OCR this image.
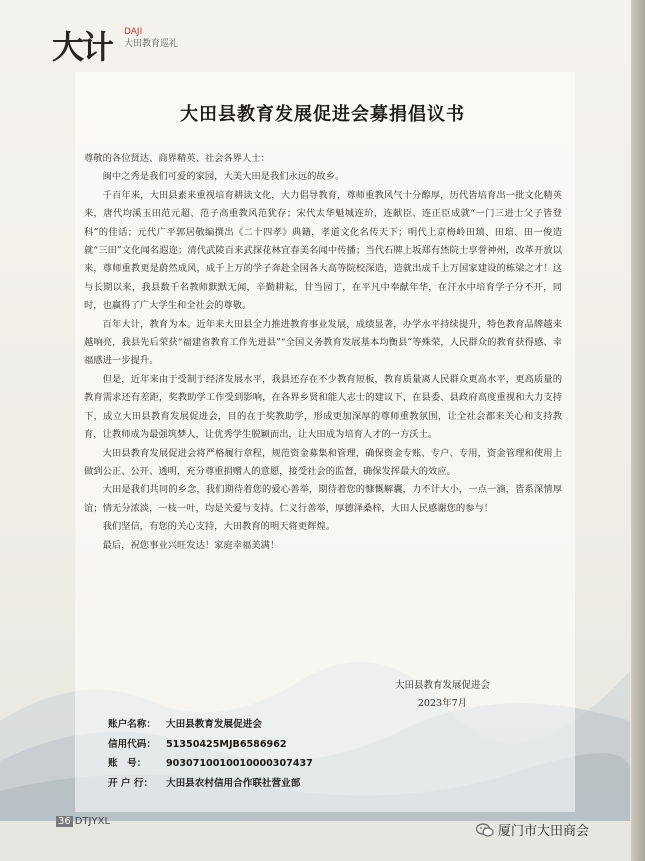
大计 DAJI
大田教育巡礼
大田县教育发展促进会募捐倡议书

尊敬的各位贤达、商界精英、社会各界人士：

闽中之秀是我们可爱的家园，大美大田是我们永远的故乡。

千百年来，大田县素来重视培育耕读文化，大力倡导教育，尊师重教风气十分醇厚，历代皆培育出一批文化精英来，唐代均溪玉田范元超、范子高重教风范犹存；宋代太华魁城连玠，连献臣、连正臣成就“一门三进士父子皆登科”的佳话；元代广平郭居敬编撰出《二十四孝》典籍，孝道文化名传天下；明代上京梅岭田瑱、田琯、田一俊造就“三田”文化闻名遐迩；清代武陵百来武探花林宜春美名闻中传播；当代石牌上坂郑有烋院士享誉神州，改革开放以来，尊师重教更是蔚然成风，成千上万的学子奔赴全国各大高等院校深造，造就出成千上万国家建设的栋梁之才！这与长期以来，我县数千名教师默默无闻，辛勤耕耘，甘当园丁，在平凡中奉献年华，在汗水中培育学子分不开，同时，也赢得了广大学生和全社会的尊敬。

百年大计，教育为本。近年来大田县全力推进教育事业发展，成绩显著，办学水平持续提升，特色教育品牌越来越响亮，我县先后荣获“福建省教育工作先进县”“全国义务教育发展基本均衡县”等殊荣，人民群众的教育获得感、幸福感进一步提升。

但是，近年来由于受制于经济发展水平，我县还存在不少教育短板，教育质量离人民群众更高水平，更高质量的教育需求还有差距，奖教助学工作受到影响，在各界乡贤和能人志士的建议下，在县委、县政府高度重视和大力支持下，成立大田县教育发展促进会，目的在于奖教助学，形成更加深厚的尊师重教氛围，让全社会都来关心和支持教育，让教师成为最强筑梦人，让优秀学生脱颖而出，让大田成为培育人才的一方沃土。

大田县教育发展促进会将严格履行章程，规范资金募集和管理，确保资金专账、专户、专用，资金管理和使用上做到公正、公开、透明，充分尊重捐赠人的意愿，接受社会的监督，确保发挥最大的效应。

大田是我们共同的乡念，我们期待着您的爱心善举，期待着您的慷慨解囊，力不计大小，一点一滴，皆系深情厚谊；情无分浓淡，一枝一叶，均是关爱与支持。仁义行善举，厚德泽桑梓，大田人民感谢您的参与！

我们坚信，有您的关心支持，大田教育的明天将更辉煌。

最后，祝您事业兴旺发达！家庭幸福美满！

大田县教育发展促进会
2023年7月
账户名称： 大田县教育发展促进会
信用代码： 51350425MJB6586962
账　号： 9030710010010000307437
开 户 行： 大田县农村信用合作联社营业部
36 DTJYXL
厦门市大田商会
